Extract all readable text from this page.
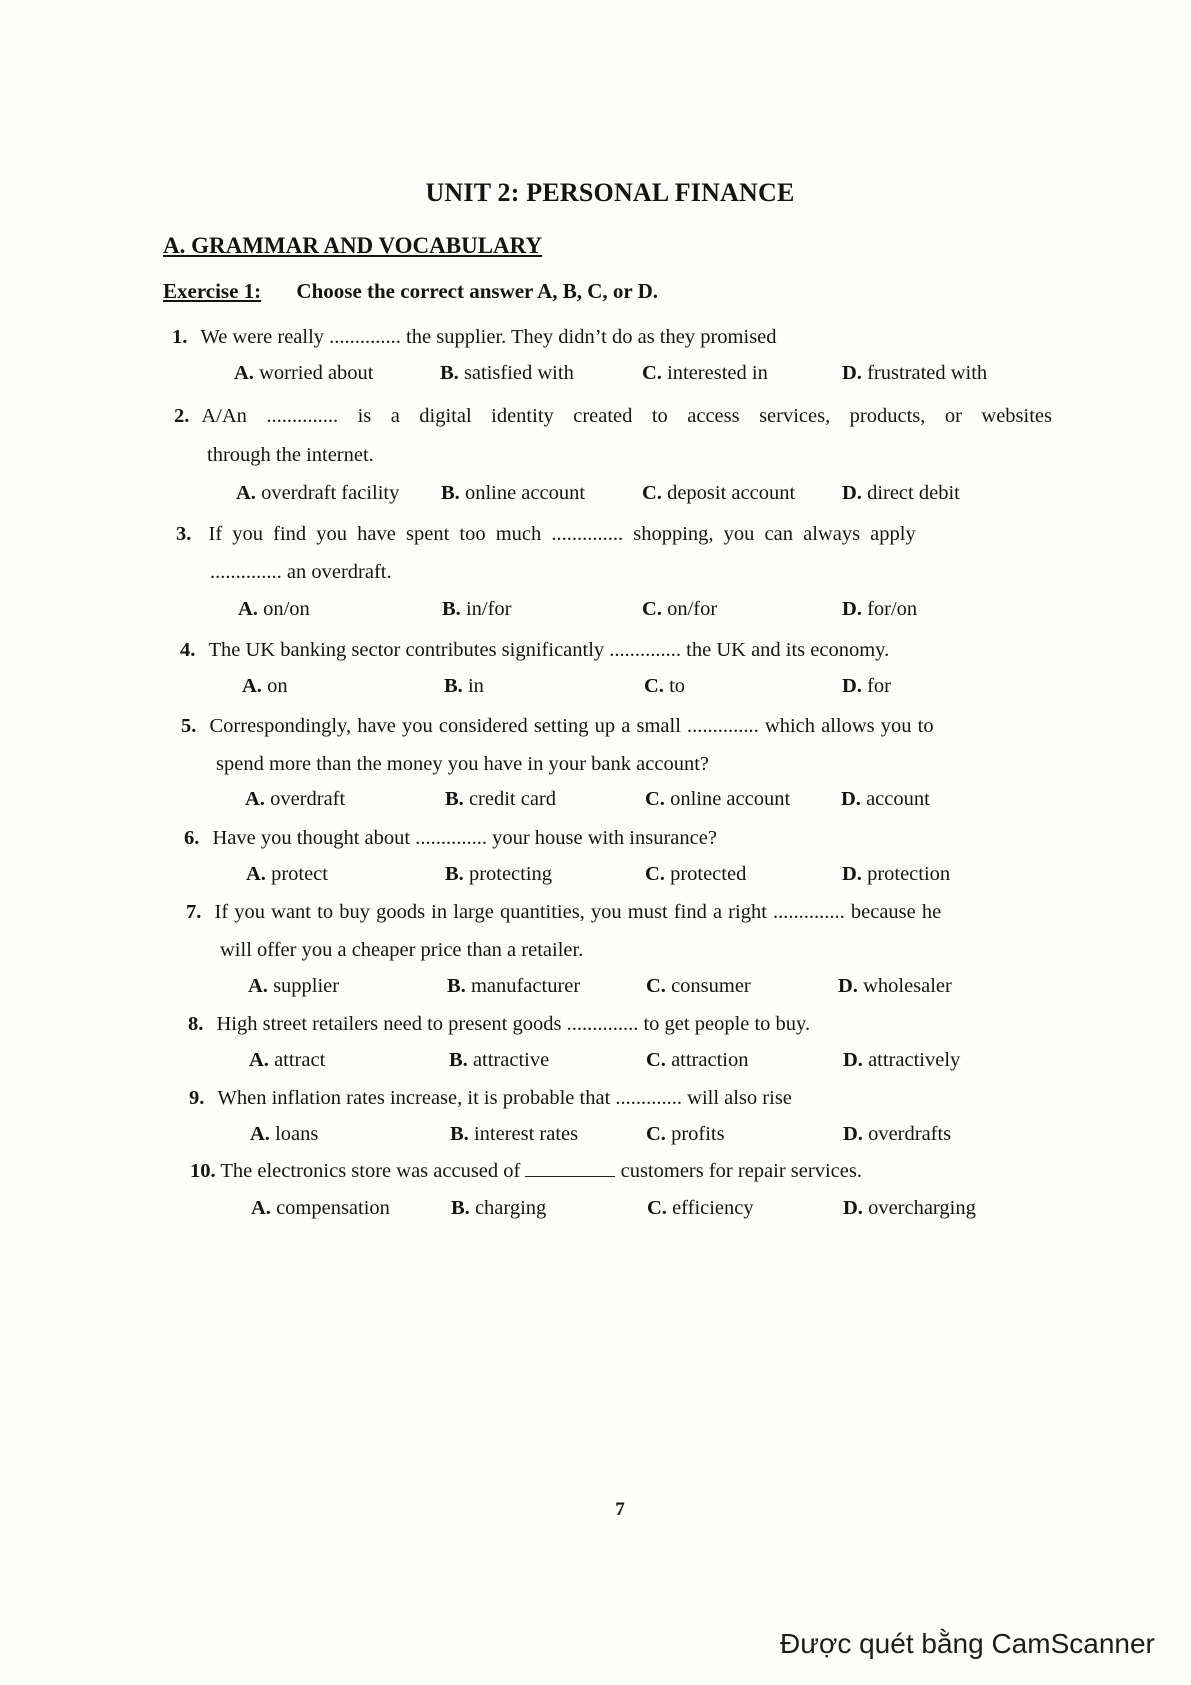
UNIT 2: PERSONAL FINANCE
A. GRAMMAR AND VOCABULARY
Exercise 1: Choose the correct answer A, B, C, or D.
1. We were really .............. the supplier. They didn’t do as they promised
A. worried about	B. satisfied with	C. interested in	D. frustrated with
2. A/An .............. is a digital identity created to access services, products, or websites
through the internet.
A. overdraft facility B. online account	C. deposit account D. direct debit
3. If you find you have spent too much .............. shopping, you can always apply
.............. an overdraft.
A. on/on	B. in/for	C. on/for	D. for/on
4. The UK banking sector contributes significantly .............. the UK and its economy.
A. on	B. in	C. to	D. for
5. Correspondingly, have you considered setting up a small .............. which allows you to
spend more than the money you have in your bank account?
A. overdraft	B. credit card	C. online account D. account
6. Have you thought about .............. your house with insurance?
A. protect	B. protecting	C. protected	D. protection
7. If you want to buy goods in large quantities, you must find a right .............. because he
will offer you a cheaper price than a retailer.
A. supplier	B. manufacturer	C. consumer	D. wholesaler
8. High street retailers need to present goods .............. to get people to buy.
A. attract	B. attractive	C. attraction	D. attractively
9. When inflation rates increase, it is probable that ............. will also rise
A. loans	B. interest rates	C. profits	D. overdrafts
10. The electronics store was accused of	customers for repair services.
A. compensation	B. charging	C. efficiency	D. overcharging
7
Được quét bằng CamScanner
